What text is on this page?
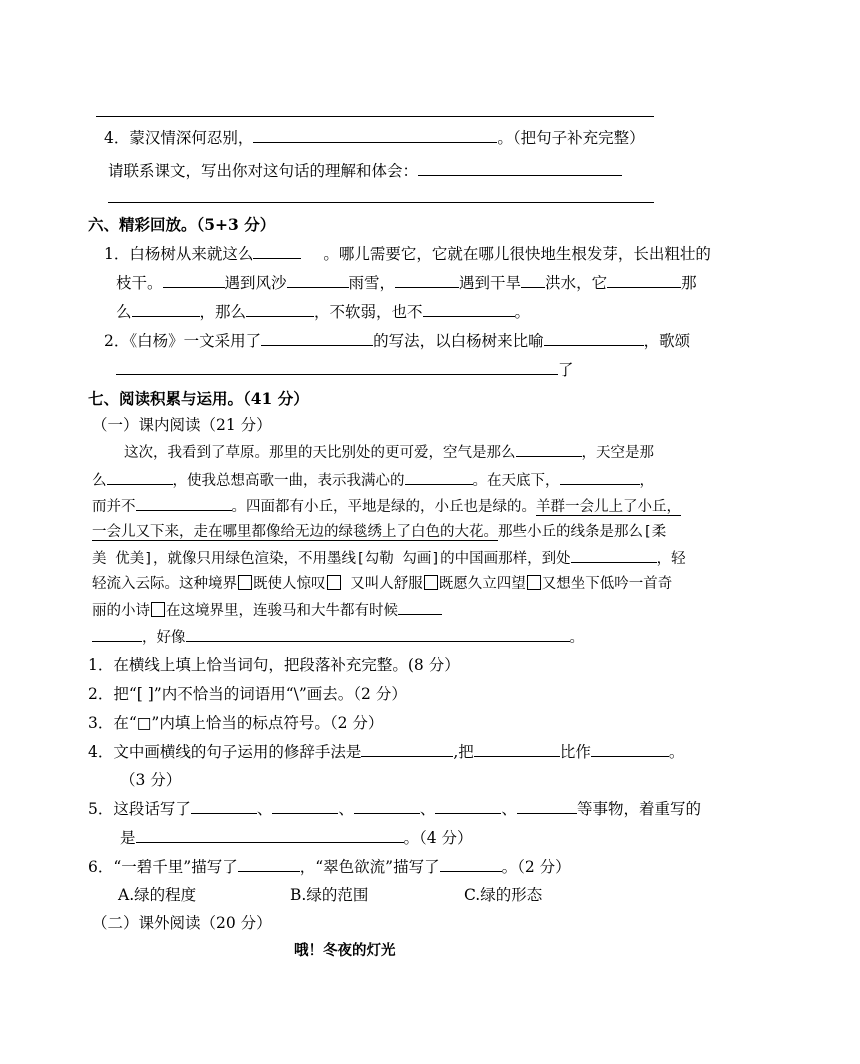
4．蒙汉情深何忍别，	。（把句子补充完整）
请联系课文，写出你对这句话的理解和体会：
六、精彩回放。（5+3 分）
1．白杨树从来就这么	。哪儿需要它，它就在哪儿很快地生根发芽，长出粗壮的
枝干。	遇到风沙	雨雪，	遇到干旱 洪水，它	那
么	，那么	，不软弱，也不	。
2．《白杨》一文采用了	的写法，以白杨树来比喻	，歌颂
了
七、阅读积累与运用。（41 分）
（一）课内阅读（21 分）
这次，我看到了草原。那里的天比别处的更可爱，空气是那么	，天空是那
么	，使我总想高歌一曲，表示我满心的	。在天底下，	，
而并不	。四面都有小丘，平地是绿的，小丘也是绿的。羊群一会儿上了小丘，
一会儿又下来，走在哪里都像给无边的绿毯绣上了白色的大花。那些小丘的线条是那么[柔
美 优美]，就像只用绿色渲染，不用墨线[勾勒 勾画]的中国画那样，到处	，轻
轻流入云际。这种境界 既使人惊叹 又叫人舒服 既愿久立四望 又想坐下低吟一首奇
丽的小诗 在这境界里，连骏马和大牛都有时候
，好像	。
1．在横线上填上恰当词句，把段落补充完整。(8 分）
2．把“[ ]”内不恰当的词语用“\”画去。（2 分）
3．在“□”内填上恰当的标点符号。（2 分）
4．文中画横线的句子运用的修辞手法是	,把	比作	。
（3 分）
5．这段话写了	、	、	、	、	等事物，着重写的
是	。（4 分）
6．“一碧千里”描写了	，“翠色欲流”描写了	。（2 分）
A.绿的程度	B.绿的范围	C.绿的形态
（二）课外阅读（20 分）
哦！冬夜的灯光
